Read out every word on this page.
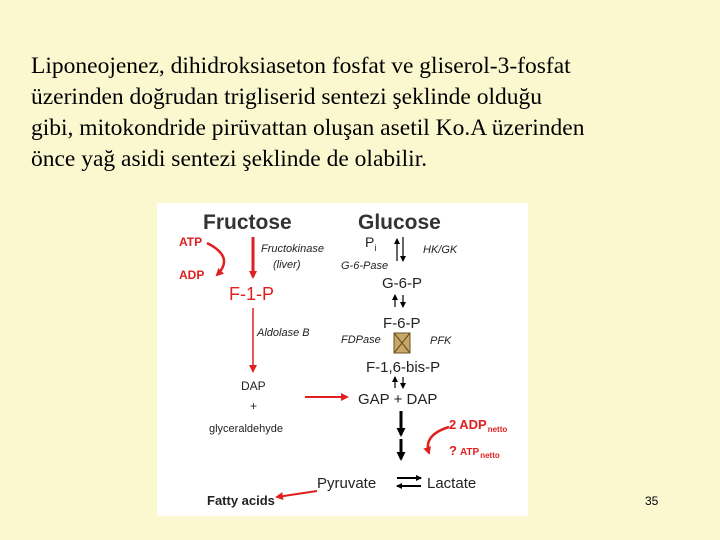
Liponeojenez, dihidroksiaseton fosfat ve gliserol-3-fosfat
üzerinden doğrudan trigliserid sentezi şeklinde olduğu
gibi, mitokondride pirüvattan oluşan asetil Ko.A üzerinden
önce yağ asidi sentezi şeklinde de olabilir.

Fructose	Glucose
ATP
ADP
Fructokinase
(liver)
F-1-P
Aldolase B
DAP
+
glyceraldehyde
$P_i$	HK/GK
G-6-Pase
G-6-P
F-6-P
FDPase	PFK
F-1,6-bis-P
GAP + DAP
2 ADPnetto
? ATPnetto
Pyruvate	Lactate
Fatty acids	35
